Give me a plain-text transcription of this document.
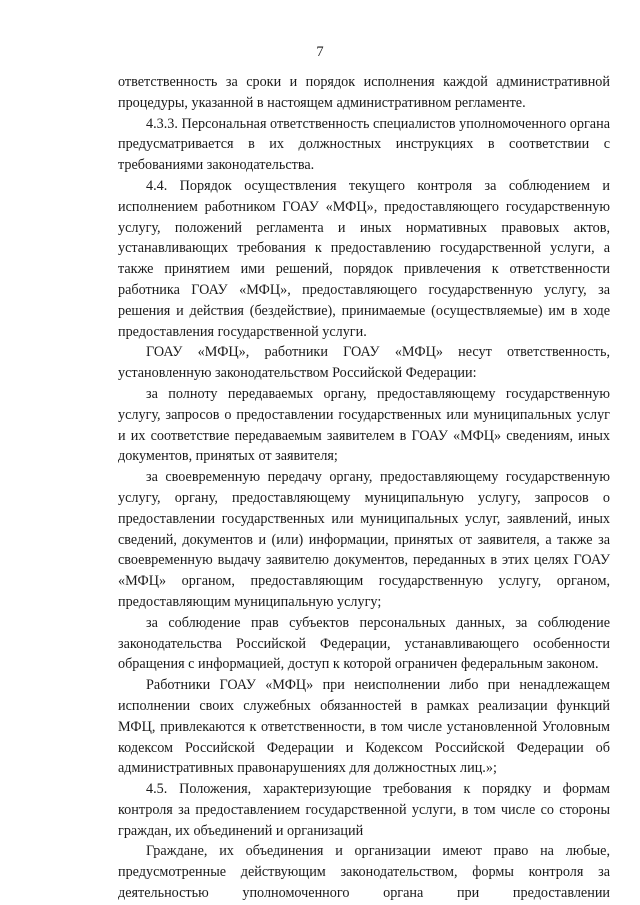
7

ответственность за сроки и порядок исполнения каждой административной процедуры, указанной в настоящем административном регламенте.

4.3.3. Персональная ответственность специалистов уполномоченного органа предусматривается в их должностных инструкциях в соответствии с требованиями законодательства.

4.4. Порядок осуществления текущего контроля за соблюдением и исполнением работником ГОАУ «МФЦ», предоставляющего государственную услугу, положений регламента и иных нормативных правовых актов, устанавливающих требования к предоставлению государственной услуги, а также принятием ими решений, порядок привлечения к ответственности работника ГОАУ «МФЦ», предоставляющего государственную услугу, за решения и действия (бездействие), принимаемые (осуществляемые) им в ходе предоставления государственной услуги.

ГОАУ «МФЦ», работники ГОАУ «МФЦ» несут ответственность, установленную законодательством Российской Федерации:

за полноту передаваемых органу, предоставляющему государственную услугу, запросов о предоставлении государственных или муниципальных услуг и их соответствие передаваемым заявителем в ГОАУ «МФЦ» сведениям, иных документов, принятых от заявителя;

за своевременную передачу органу, предоставляющему государственную услугу, органу, предоставляющему муниципальную услугу, запросов о предоставлении государственных или муниципальных услуг, заявлений, иных сведений, документов и (или) информации, принятых от заявителя, а также за своевременную выдачу заявителю документов, переданных в этих целях ГОАУ «МФЦ» органом, предоставляющим государственную услугу, органом, предоставляющим муниципальную услугу;

за соблюдение прав субъектов персональных данных, за соблюдение законодательства Российской Федерации, устанавливающего особенности обращения с информацией, доступ к которой ограничен федеральным законом.

Работники ГОАУ «МФЦ» при неисполнении либо при ненадлежащем исполнении своих служебных обязанностей в рамках реализации функций МФЦ, привлекаются к ответственности, в том числе установленной Уголовным кодексом Российской Федерации и Кодексом Российской Федерации об административных правонарушениях для должностных лиц.»;

4.5. Положения, характеризующие требования к порядку и формам контроля за предоставлением государственной услуги, в том числе со стороны граждан, их объединений и организаций

Граждане, их объединения и организации имеют право на любые, предусмотренные действующим законодательством, формы контроля за деятельностью уполномоченного органа при предоставлении
